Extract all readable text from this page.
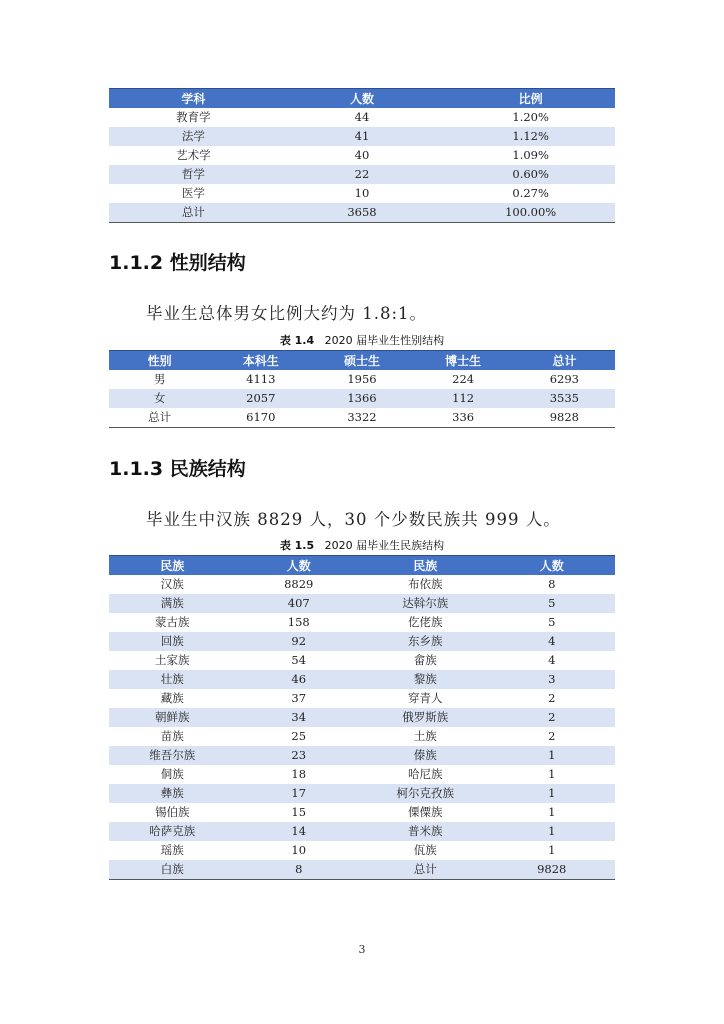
学科	人数	比例
教育学	44	1.20%
法学	41	1.12%
艺术学	40	1.09%
哲学	22	0.60%
医学	10	0.27%
总计	3658	100.00%
1.1.2 性别结构
毕业生总体男女比例大约为 1.8:1。
表 1.4 2020 届毕业生性别结构
性别	本科生	硕士生	博士生	总计
男	4113	1956	224	6293
女	2057	1366	112	3535
总计	6170	3322	336	9828
1.1.3 民族结构
毕业生中汉族 8829 人，30 个少数民族共 999 人。
表 1.5 2020 届毕业生民族结构
民族	人数	民族	人数
汉族	8829	布依族	8
满族	407	达斡尔族	5
蒙古族	158	仡佬族	5
回族	92	东乡族	4
土家族	54	畲族	4
壮族	46	黎族	3
藏族	37	穿青人	2
朝鲜族	34	俄罗斯族	2
苗族	25	土族	2
维吾尔族	23	傣族	1
侗族	18	哈尼族	1
彝族	17	柯尔克孜族	1
锡伯族	15	傈僳族	1
哈萨克族	14	普米族	1
瑶族	10	佤族	1
白族	8	总计	9828
3
